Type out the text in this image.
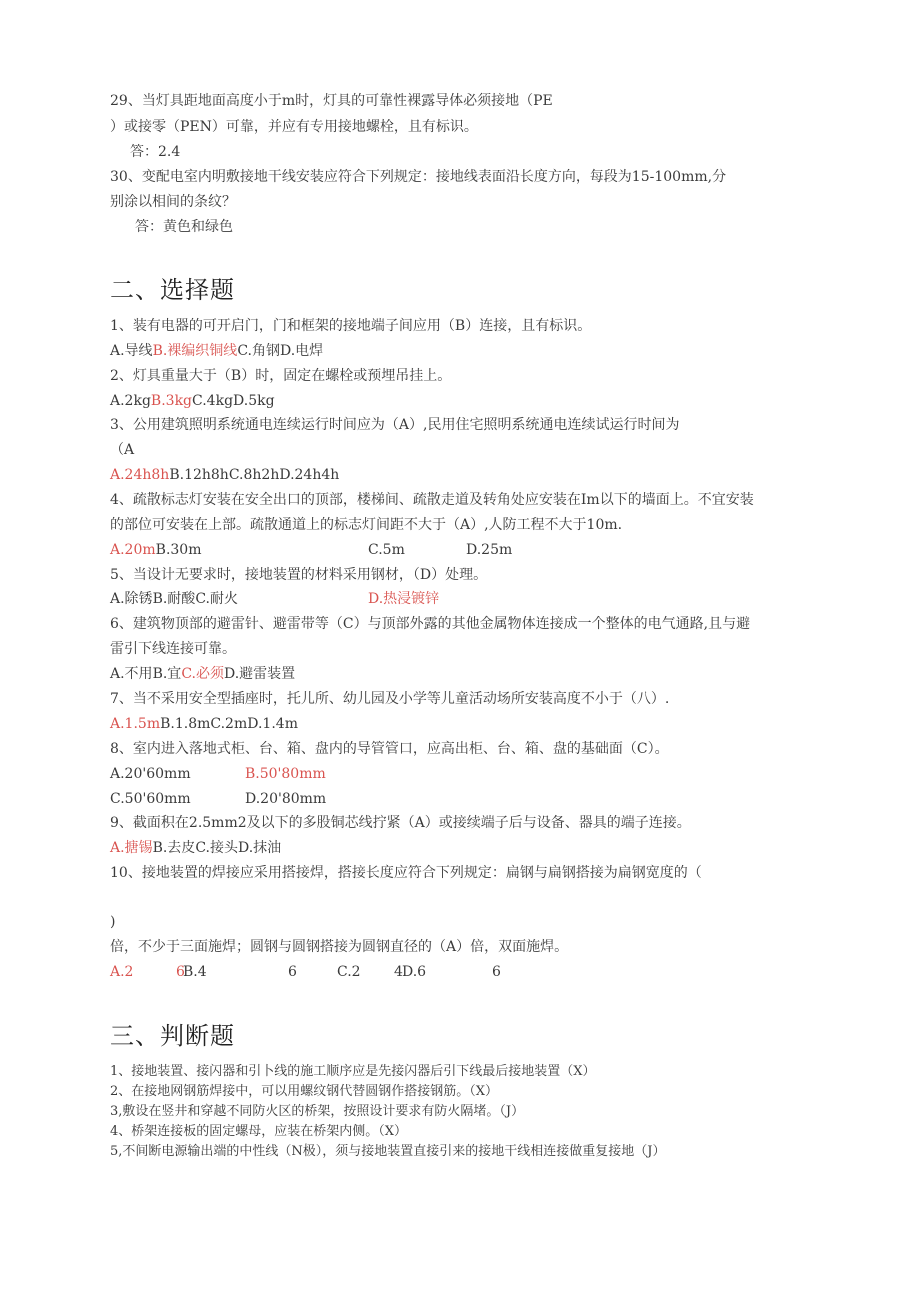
29、当灯具距地面高度小于m时，灯具的可靠性裸露导体必须接地（PE
）或接零（PEN）可靠，并应有专用接地螺栓，且有标识。
答：2.4
30、变配电室内明敷接地干线安装应符合下列规定：接地线表面沿长度方向，每段为15-100mm,分
别涂以相间的条纹？
答：黄色和绿色
二、选择题
1、装有电器的可开启门，门和框架的接地端子间应用（B）连接，且有标识。
A.导线B.裸编织铜线C.角钢D.电焊
2、灯具重量大于（B）时，固定在螺栓或预埋吊挂上。
A.2kgB.3kgC.4kgD.5kg
3、公用建筑照明系统通电连续运行时间应为（A）,民用住宅照明系统通电连续试运行时间为
（A
A.24h8hB.12h8hC.8h2hD.24h4h
4、疏散标志灯安装在安全出口的顶部，楼梯间、疏散走道及转角处应安装在Im以下的墙面上。不宜安装
的部位可安装在上部。疏散通道上的标志灯间距不大于（A）,人防工程不大于10m.
A.20mB.30m	C.5m	D.25m
5、当设计无要求时，接地装置的材料采用钢材，（D）处理。
A.除锈B.耐酸C.耐火	D.热浸镀锌
6、建筑物顶部的避雷针、避雷带等（C）与顶部外露的其他金属物体连接成一个整体的电气通路,且与避
雷引下线连接可靠。
A.不用B.宜C.必须D.避雷装置
7、当不采用安全型插座时，托儿所、幼儿园及小学等儿童活动场所安装高度不小于（八）.
A.1.5mB.1.8mC.2mD.1.4m
8、室内进入落地式柜、台、箱、盘内的导管管口，应高出柜、台、箱、盘的基础面（C）。
A.20'60mm	B.50'80mm
C.50'60mm	D.20'80mm
9、截面积在2.5mm2及以下的多股铜芯线拧紧（A）或接续端子后与设备、器具的端子连接。
A.搪锡B.去皮C.接头D.抹油
10、接地装置的焊接应采用搭接焊，搭接长度应符合下列规定：扁钢与扁钢搭接为扁钢宽度的（
)
倍，不少于三面施焊；圆钢与圆钢搭接为圆钢直径的（A）倍，双面施焊。
A.2	6
B.4	6	C.2 4 D.6	6
三、判断题
1、接地装置、接闪器和引卜线的施工顺序应是先接闪器后引下线最后接地装置（X）
2、在接地网钢筋焊接中，可以用螺纹钢代替圆钢作搭接钢筋。（X）
3,敷设在竖井和穿越不同防火区的桥架，按照设计要求有防火隔堵。（J）
4、桥架连接板的固定螺母，应装在桥架内侧。（X）
5,不间断电源输出端的中性线（N极），须与接地装置直接引来的接地干线相连接做重复接地（J）
